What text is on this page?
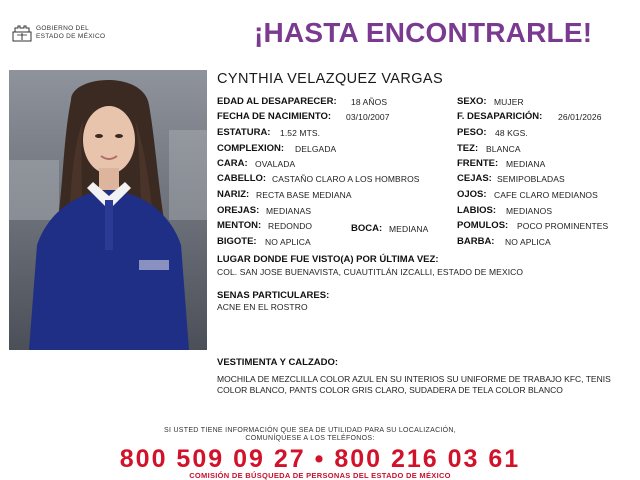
GOBIERNO DEL
ESTADO DE MÉXICO	¡HASTA ENCONTRARLE!
CYNTHIA VELAZQUEZ VARGAS
EDAD AL DESAPARECER: 18 AÑOS
FECHA DE NACIMIENTO: 03/10/2007
ESTATURA: 1.52 MTS.
COMPLEXION: DELGADA
CARA: OVALADA
CABELLO: CASTAÑO CLARO A LOS HOMBROS
NARIZ: RECTA BASE MEDIANA
OREJAS: MEDIANAS
MENTON: REDONDO	BOCA: MEDIANA
BIGOTE: NO APLICA
SEXO: MUJER
F. DESAPARICIÓN: 26/01/2026
PESO: 48 KGS.
TEZ: BLANCA
FRENTE: MEDIANA
CEJAS: SEMIPOBLADAS
OJOS: CAFE CLARO MEDIANOS
LABIOS: MEDIANOS
POMULOS: POCO PROMINENTES
BARBA: NO APLICA
LUGAR DONDE FUE VISTO(A) POR ÚLTIMA VEZ:
COL. SAN JOSE BUENAVISTA, CUAUTITLÁN IZCALLI, ESTADO DE MEXICO
SENAS PARTICULARES:
ACNE EN EL ROSTRO
VESTIMENTA Y CALZADO:
MOCHILA DE MEZCLILLA COLOR AZUL EN SU INTERIOS SU UNIFORME DE TRABAJO KFC, TENIS COLOR BLANCO, PANTS COLOR GRIS CLARO, SUDADERA DE TELA COLOR BLANCO
SI USTED TIENE INFORMACIÓN QUE SEA DE UTILIDAD PARA SU LOCALIZACIÓN,
COMUNÍQUESE A LOS TELÉFONOS:
800 509 09 27 • 800 216 03 61
COMISIÓN DE BÚSQUEDA DE PERSONAS DEL ESTADO DE MÉXICO
